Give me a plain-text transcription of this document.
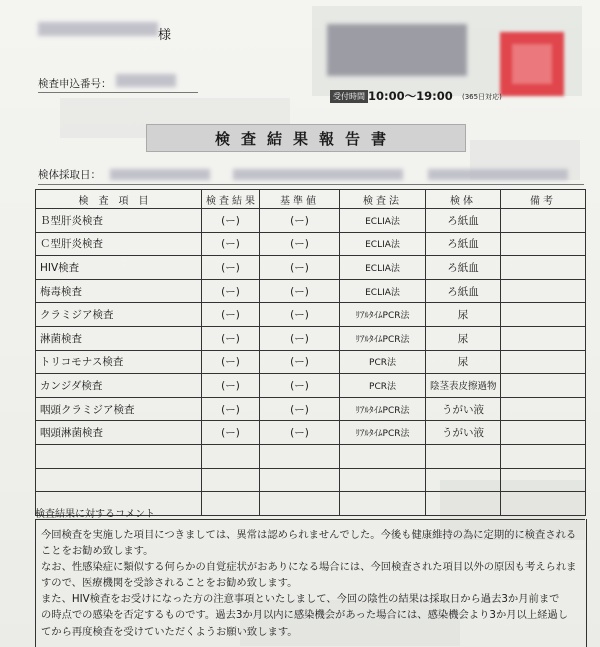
様
検査申込番号：
受付時間 10:00～19:00 (365日対応)
検査結果報告書
検体採取日：
検査項目	検査結果	基準値	検査法	検体	備考
Ｂ型肝炎検査	(ー)	(ー)	ECLIA法	ろ紙血	
Ｃ型肝炎検査	(ー)	(ー)	ECLIA法	ろ紙血	
HIV検査	(ー)	(ー)	ECLIA法	ろ紙血	
梅毒検査	(ー)	(ー)	ECLIA法	ろ紙血	
クラミジア検査	(ー)	(ー)	ﾘｱﾙﾀｲﾑPCR法	尿	
淋菌検査	(ー)	(ー)	ﾘｱﾙﾀｲﾑPCR法	尿	
トリコモナス検査	(ー)	(ー)	PCR法	尿	
カンジダ検査	(ー)	(ー)	PCR法	陰茎表皮擦過物	
咽頭クラミジア検査	(ー)	(ー)	ﾘｱﾙﾀｲﾑPCR法	うがい液	
咽頭淋菌検査	(ー)	(ー)	ﾘｱﾙﾀｲﾑPCR法	うがい液	

検査結果に対するコメント
今回検査を実施した項目につきましては、異常は認められませんでした。今後も健康維持の為に定期的に検査される
ことをお勧め致します。
なお、性感染症に類似する何らかの自覚症状がおありになる場合には、今回検査された項目以外の原因も考えられま
すので、医療機関を受診されることをお勧め致します。
また、HIV検査をお受けになった方の注意事項といたしまして、今回の陰性の結果は採取日から過去3か月前まで
の時点での感染を否定するものです。過去3か月以内に感染機会があった場合には、感染機会より3か月以上経過し
てから再度検査を受けていただくようお願い致します。
